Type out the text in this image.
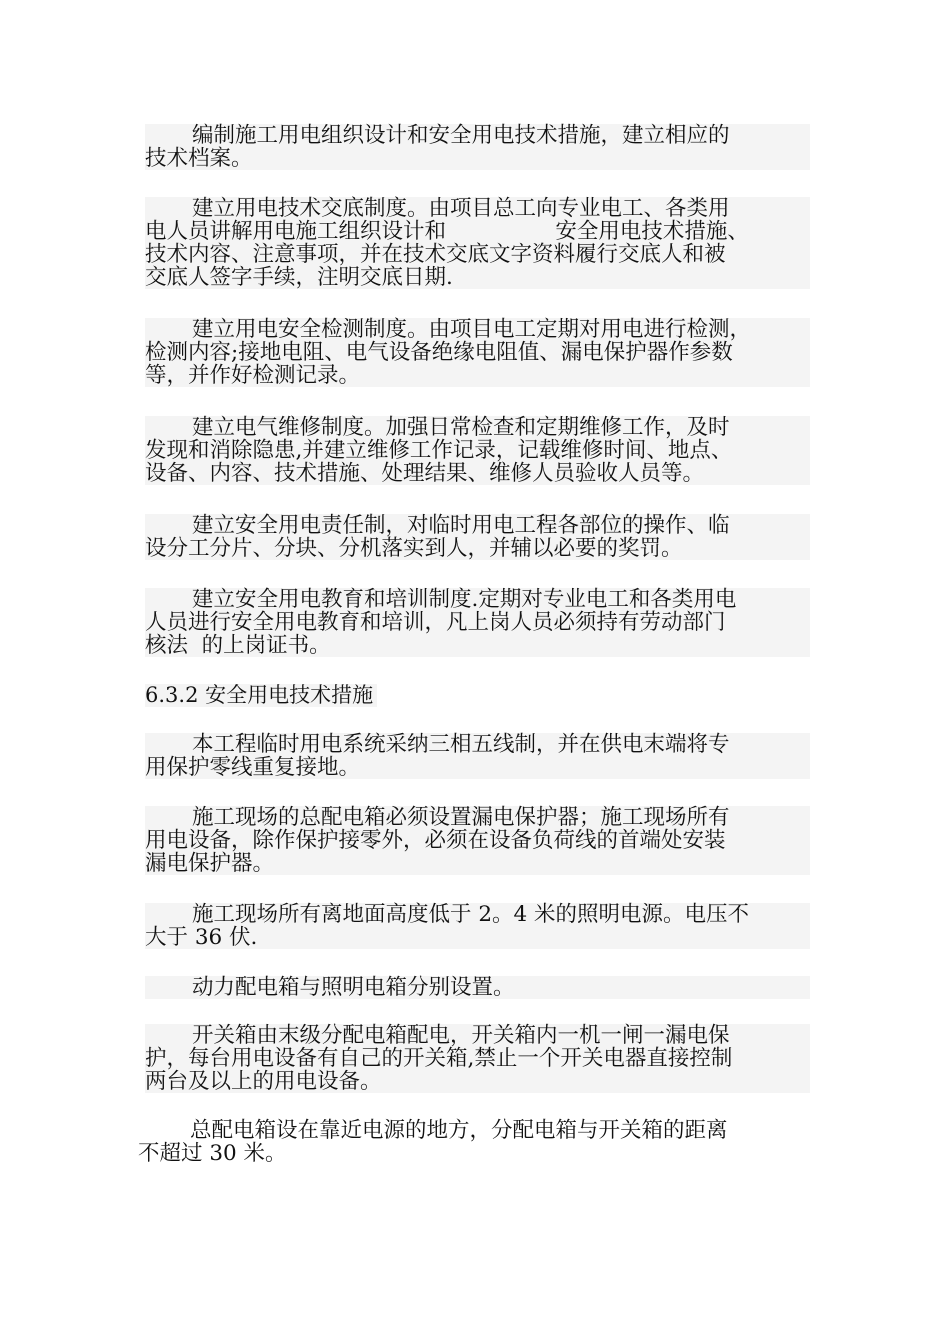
编制施工用电组织设计和安全用电技术措施，建立相应的
技术档案。
建立用电技术交底制度。由项目总工向专业电工、各类用
电人员讲解用电施工组织设计和                安全用电技术措施、
技术内容、注意事项，并在技术交底文字资料履行交底人和被
交底人签字手续，注明交底日期.
建立用电安全检测制度。由项目电工定期对用电进行检测，
检测内容;接地电阻、电气设备绝缘电阻值、漏电保护器作参数
等，并作好检测记录。
建立电气维修制度。加强日常检查和定期维修工作，及时
发现和消除隐患,并建立维修工作记录，记载维修时间、地点、
设备、内容、技术措施、处理结果、维修人员验收人员等。
建立安全用电责任制，对临时用电工程各部位的操作、临
设分工分片、分块、分机落实到人，并辅以必要的奖罚。
建立安全用电教育和培训制度.定期对专业电工和各类用电
人员进行安全用电教育和培训，凡上岗人员必须持有劳动部门
核法  的上岗证书。
6.3.2 安全用电技术措施
本工程临时用电系统采纳三相五线制，并在供电末端将专
用保护零线重复接地。
施工现场的总配电箱必须设置漏电保护器；施工现场所有
用电设备，除作保护接零外，必须在设备负荷线的首端处安装
漏电保护器。
施工现场所有离地面高度低于 2。4 米的照明电源。电压不
大于 36 伏.
动力配电箱与照明电箱分别设置。
开关箱由末级分配电箱配电，开关箱内一机一闸一漏电保
护，每台用电设备有自己的开关箱,禁止一个开关电器直接控制
两台及以上的用电设备。
总配电箱设在靠近电源的地方，分配电箱与开关箱的距离
不超过 30 米。
